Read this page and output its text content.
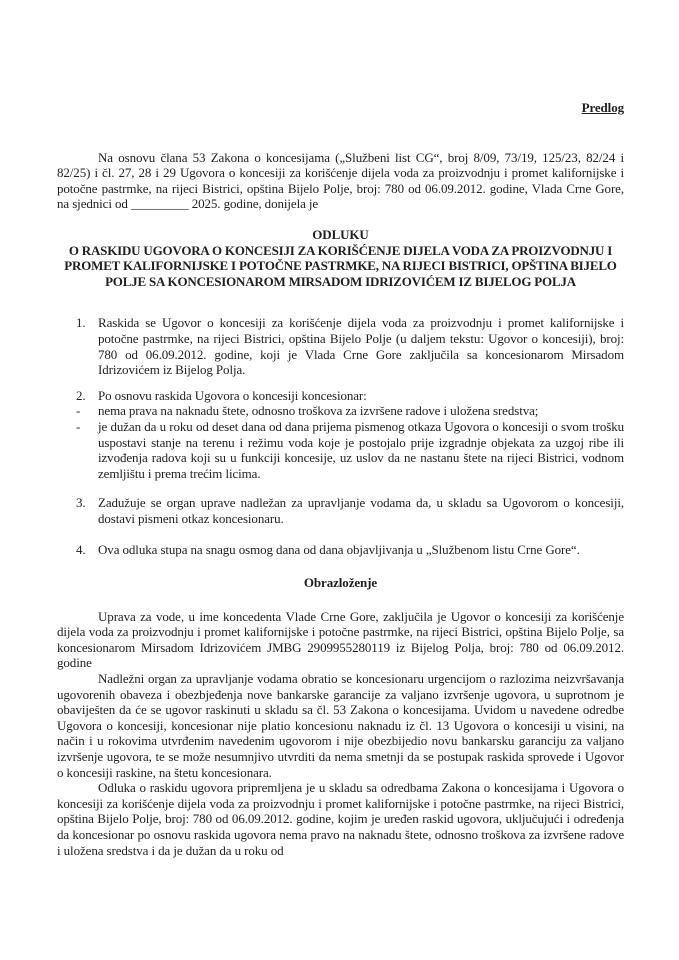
Predlog

Na osnovu člana 53 Zakona o koncesijama („Službeni list CG“, broj 8/09, 73/19, 125/23, 82/24 i 82/25) i čl. 27, 28 i 29 Ugovora o koncesiji za korišćenje dijela voda za proizvodnju i promet kalifornijske i potočne pastrmke, na rijeci Bistrici, opština Bijelo Polje, broj: 780 od 06.09.2012. godine, Vlada Crne Gore, na sjednici od _________ 2025. godine, donijela je

ODLUKU
O RASKIDU UGOVORA O KONCESIJI ZA KORIŠĆENJE DIJELA VODA ZA PROIZVODNJU I PROMET KALIFORNIJSKE I POTOČNE PASTRMKE, NA RIJECI BISTRICI, OPŠTINA BIJELO POLJE SA KONCESIONAROM MIRSADOM IDRIZOVIĆEM IZ BIJELOG POLJA
1. Raskida se Ugovor o koncesiji za korišćenje dijela voda za proizvodnju i promet kalifornijske i potočne pastrmke, na rijeci Bistrici, opština Bijelo Polje (u daljem tekstu: Ugovor o koncesiji), broj: 780 od 06.09.2012. godine, koji je Vlada Crne Gore zaključila sa koncesionarom Mirsadom Idrizovićem iz Bijelog Polja.
2. Po osnovu raskida Ugovora o koncesiji koncesionar:
- nema prava na naknadu štete, odnosno troškova za izvršene radove i uložena sredstva;
- je dužan da u roku od deset dana od dana prijema pismenog otkaza Ugovora o koncesiji o svom trošku uspostavi stanje na terenu i režimu voda koje je postojalo prije izgradnje objekata za uzgoj ribe ili izvođenja radova koji su u funkciji koncesije, uz uslov da ne nastanu štete na rijeci Bistrici, vodnom zemljištu i prema trećim licima.
3. Zadužuje se organ uprave nadležan za upravljanje vodama da, u skladu sa Ugovorom o koncesiji, dostavi pismeni otkaz koncesionaru.
4. Ova odluka stupa na snagu osmog dana od dana objavljivanja u „Službenom listu Crne Gore“.
Obrazloženje

Uprava za vode, u ime koncedenta Vlade Crne Gore, zaključila je Ugovor o koncesiji za korišćenje dijela voda za proizvodnju i promet kalifornijske i potočne pastrmke, na rijeci Bistrici, opština Bijelo Polje, sa koncesionarom Mirsadom Idrizovićem JMBG 2909955280119 iz Bijelog Polja, broj: 780 od 06.09.2012. godine

Nadležni organ za upravljanje vodama obratio se koncesionaru urgencijom o razlozima neizvršavanja ugovorenih obaveza i obezbjeđenja nove bankarske garancije za valjano izvršenje ugovora, u suprotnom je obaviješten da će se ugovor raskinuti u skladu sa čl. 53 Zakona o koncesijama. Uvidom u navedene odredbe Ugovora o koncesiji, koncesionar nije platio koncesionu naknadu iz čl. 13 Ugovora o koncesiji u visini, na način i u rokovima utvrđenim navedenim ugovorom i nije obezbijedio novu bankarsku garanciju za valjano izvršenje ugovora, te se može nesumnjivo utvrditi da nema smetnji da se postupak raskida sprovede i Ugovor o koncesiji raskine, na štetu koncesionara.

Odluka o raskidu ugovora pripremljena je u skladu sa odredbama Zakona o koncesijama i Ugovora o koncesiji za korišćenje dijela voda za proizvodnju i promet kalifornijske i potočne pastrmke, na rijeci Bistrici, opština Bijelo Polje, broj: 780 od 06.09.2012. godine, kojim je uređen raskid ugovora, uključujući i određenja da koncesionar po osnovu raskida ugovora nema pravo na naknadu štete, odnosno troškova za izvršene radove i uložena sredstva i da je dužan da u roku od
